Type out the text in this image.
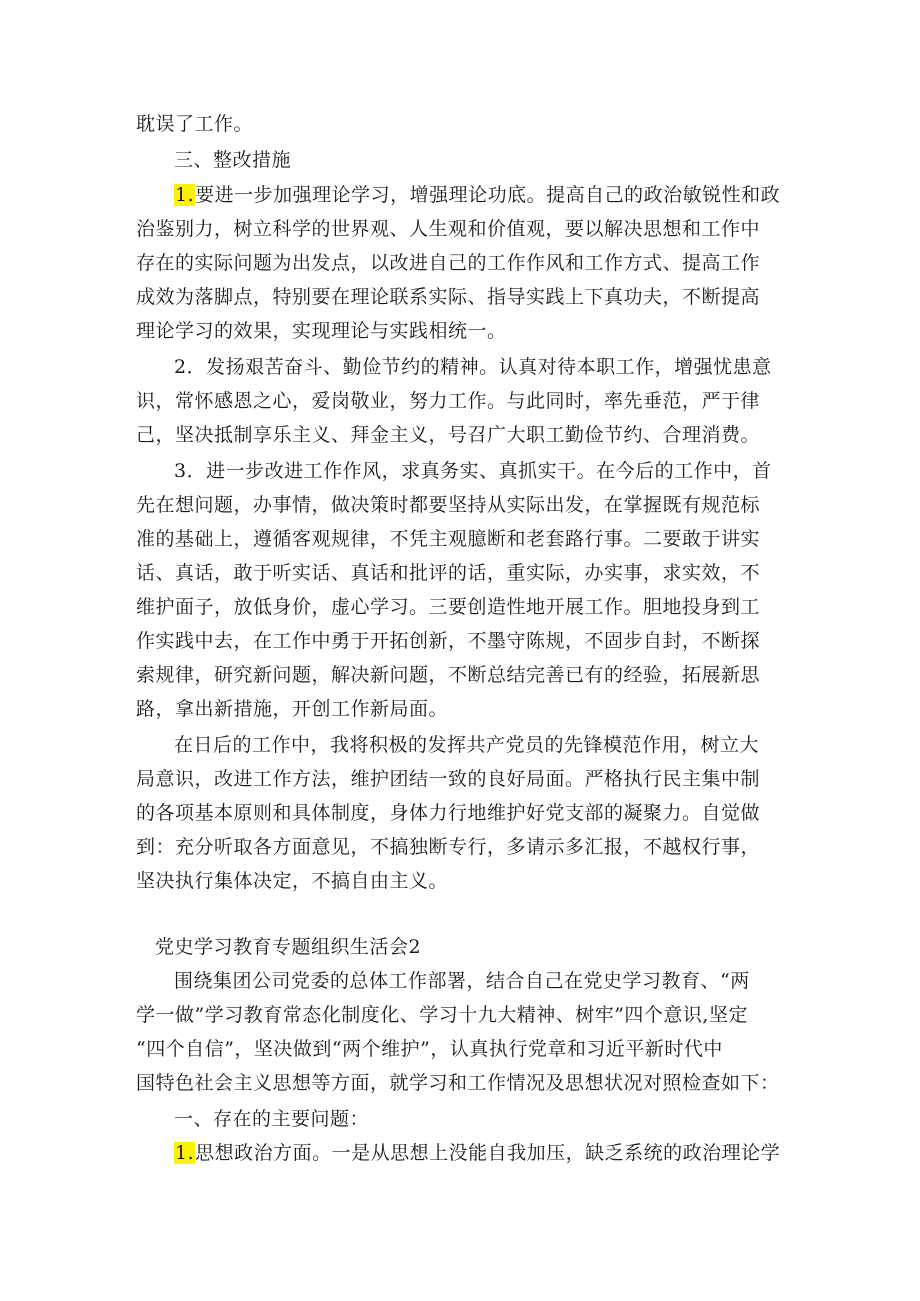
耽误了工作。
三、整改措施
1.要进一步加强理论学习，增强理论功底。提高自己的政治敏锐性和政
治鉴别力，树立科学的世界观、人生观和价值观，要以解决思想和工作中
存在的实际问题为出发点，以改进自己的工作作风和工作方式、提高工作
成效为落脚点，特别要在理论联系实际、指导实践上下真功夫，不断提高
理论学习的效果，实现理论与实践相统一。
2．发扬艰苦奋斗、勤俭节约的精神。认真对待本职工作，增强忧患意
识，常怀感恩之心，爱岗敬业，努力工作。与此同时，率先垂范，严于律
己，坚决抵制享乐主义、拜金主义，号召广大职工勤俭节约、合理消费。
3．进一步改进工作作风，求真务实、真抓实干。在今后的工作中，首
先在想问题，办事情，做决策时都要坚持从实际出发，在掌握既有规范标
准的基础上，遵循客观规律，不凭主观臆断和老套路行事。二要敢于讲实
话、真话，敢于听实话、真话和批评的话，重实际，办实事，求实效，不
维护面子，放低身价，虚心学习。三要创造性地开展工作。胆地投身到工
作实践中去，在工作中勇于开拓创新，不墨守陈规，不固步自封，不断探
索规律，研究新问题，解决新问题，不断总结完善已有的经验，拓展新思
路，拿出新措施，开创工作新局面。
在日后的工作中，我将积极的发挥共产党员的先锋模范作用，树立大
局意识，改进工作方法，维护团结一致的良好局面。严格执行民主集中制
的各项基本原则和具体制度，身体力行地维护好党支部的凝聚力。自觉做
到：充分听取各方面意见，不搞独断专行，多请示多汇报，不越权行事，
坚决执行集体决定，不搞自由主义。
党史学习教育专题组织生活会2
围绕集团公司党委的总体工作部署，结合自己在党史学习教育、“两
学一做”学习教育常态化制度化、学习十九大精神、树牢”四个意识,坚定
“四个自信”，坚决做到“两个维护”，认真执行党章和习近平新时代中
国特色社会主义思想等方面，就学习和工作情况及思想状况对照检查如下：
一、存在的主要问题：
1.思想政治方面。一是从思想上没能自我加压，缺乏系统的政治理论学
